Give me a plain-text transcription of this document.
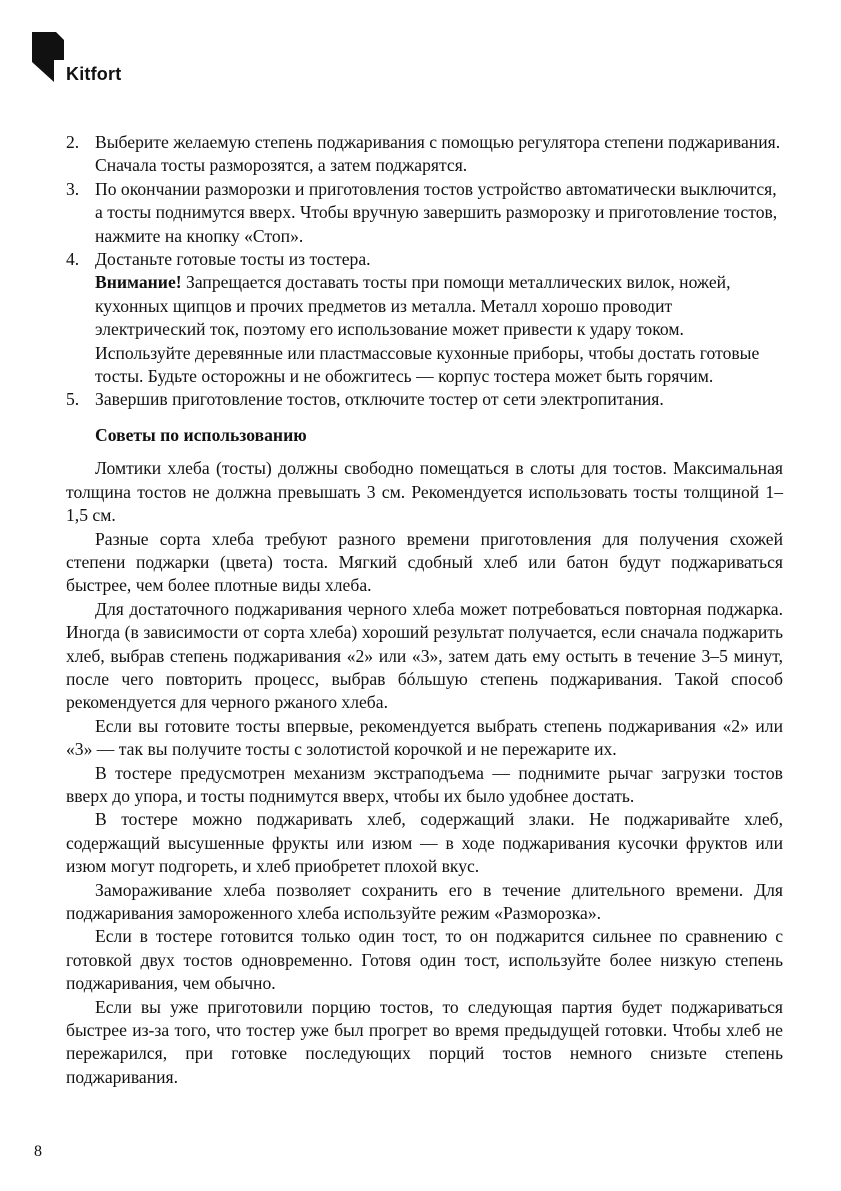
Kitfort
2. Выберите желаемую степень поджаривания с помощью регулятора степени поджаривания. Сначала тосты разморозятся, а затем поджарятся.

3. По окончании разморозки и приготовления тостов устройство автоматически выключится, а тосты поднимутся вверх. Чтобы вручную завершить разморозку и приготовление тостов, нажмите на кнопку «Стоп».

4. Достаньте готовые тосты из тостера.

Внимание! Запрещается доставать тосты при помощи металлических вилок, ножей, кухонных щипцов и прочих предметов из металла. Металл хорошо проводит электрический ток, поэтому его использование может привести к удару током. Используйте деревянные или пластмассовые кухонные приборы, чтобы достать готовые тосты. Будьте осторожны и не обожгитесь — корпус тостера может быть горячим.

5. Завершив приготовление тостов, отключите тостер от сети электропитания.

Советы по использованию

Ломтики хлеба (тосты) должны свободно помещаться в слоты для тостов. Максимальная толщина тостов не должна превышать 3 см. Рекомендуется использовать тосты толщиной 1–1,5 см.

Разные сорта хлеба требуют разного времени приготовления для получения схожей степени поджарки (цвета) тоста. Мягкий сдобный хлеб или батон будут поджариваться быстрее, чем более плотные виды хлеба.

Для достаточного поджаривания черного хлеба может потребоваться повторная поджарка. Иногда (в зависимости от сорта хлеба) хороший результат получается, если сначала поджарить хлеб, выбрав степень поджаривания «2» или «3», затем дать ему остыть в течение 3–5 минут, после чего повторить процесс, выбрав бóльшую степень поджаривания. Такой способ рекомендуется для черного ржаного хлеба.

Если вы готовите тосты впервые, рекомендуется выбрать степень поджаривания «2» или «3» — так вы получите тосты с золотистой корочкой и не пережарите их.

В тостере предусмотрен механизм экстраподъема — поднимите рычаг загрузки тостов вверх до упора, и тосты поднимутся вверх, чтобы их было удобнее достать.

В тостере можно поджаривать хлеб, содержащий злаки. Не поджаривайте хлеб, содержащий высушенные фрукты или изюм — в ходе поджаривания кусочки фруктов или изюм могут подгореть, и хлеб приобретет плохой вкус.

Замораживание хлеба позволяет сохранить его в течение длительного времени. Для поджаривания замороженного хлеба используйте режим «Разморозка».

Если в тостере готовится только один тост, то он поджарится сильнее по сравнению с готовкой двух тостов одновременно. Готовя один тост, используйте более низкую степень поджаривания, чем обычно.

Если вы уже приготовили порцию тостов, то следующая партия будет поджариваться быстрее из-за того, что тостер уже был прогрет во время предыдущей готовки. Чтобы хлеб не пережарился, при готовке последующих порций тостов немного снизьте степень поджаривания.

8
